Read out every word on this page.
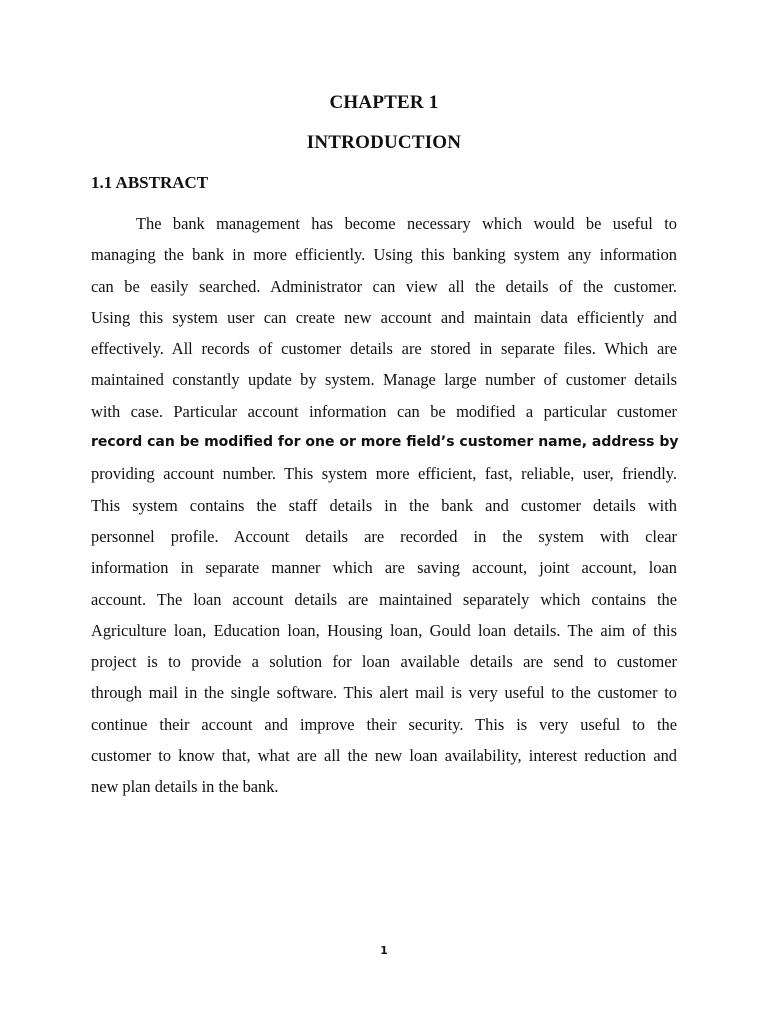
CHAPTER 1
INTRODUCTION
1.1 ABSTRACT
The bank management has become necessary which would be useful to
managing the bank in more efficiently. Using this banking system any information
can be easily searched. Administrator can view all the details of the customer.
Using this system user can create new account and maintain data efficiently and
effectively. All records of customer details are stored in separate files. Which are
maintained constantly update by system. Manage large number of customer details
with case. Particular account information can be modified a particular customer
record can be modified for one or more field’s customer name, address by
providing account number. This system more efficient, fast, reliable, user, friendly.
This system contains the staff details in the bank and customer details with
personnel profile. Account details are recorded in the system with clear
information in separate manner which are saving account, joint account, loan
account. The loan account details are maintained separately which contains the
Agriculture loan, Education loan, Housing loan, Gould loan details. The aim of this
project is to provide a solution for loan available details are send to customer
through mail in the single software. This alert mail is very useful to the customer to
continue their account and improve their security. This is very useful to the
customer to know that, what are all the new loan availability, interest reduction and
new plan details in the bank.
1
